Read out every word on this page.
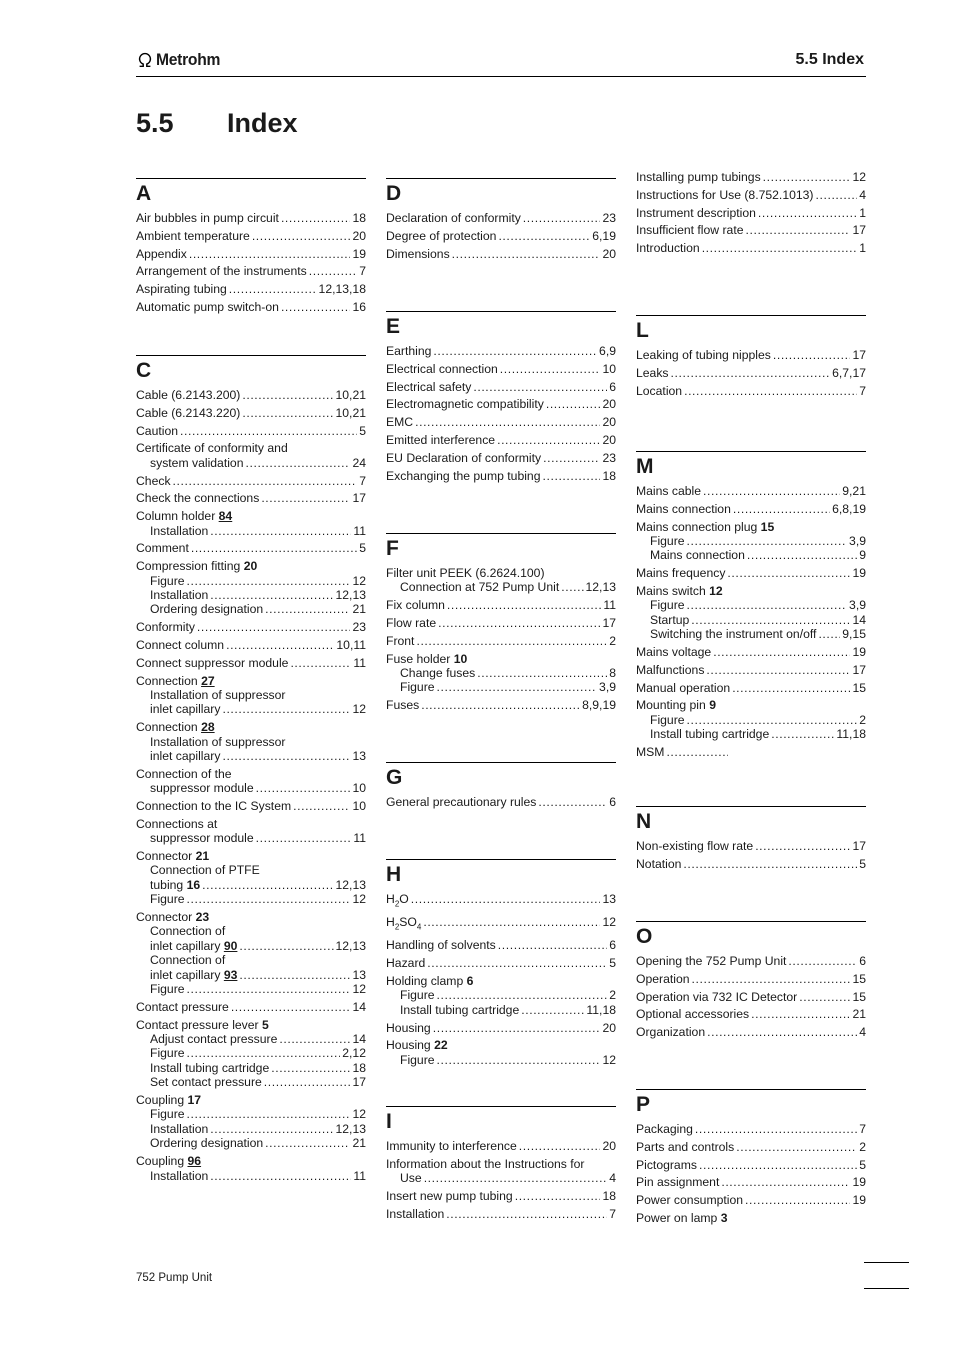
Metrohm	5.5 Index
5.5 Index
A
Air bubbles in pump circuit .....	18
Ambient temperature .....	20
Appendix .....	19
Arrangement of the instruments .....	7
Aspirating tubing .....	12,13,18
Automatic pump switch-on .....	16
C
Cable (6.2143.200) .....	10,21
Cable (6.2143.220) .....	10,21
Caution .....	5
Certificate of conformity and
system validation .....	24
Check .....	7
Check the connections .....	17
Column holder 84
Installation .....	11
Comment .....	5
Compression fitting 20
Figure .....	12
Installation .....	12,13
Ordering designation .....	21
Conformity .....	23
Connect column .....	10,11
Connect suppressor module .....	11
Connection 27
Installation of suppressor
inlet capillary .....	12
Connection 28
Installation of suppressor
inlet capillary .....	13
Connection of the
suppressor module .....	10
Connection to the IC System .....	10
Connections at
suppressor module .....	11
Connector 21
Connection of PTFE
tubing 16 .....	12,13
Figure .....	12
Connector 23
Connection of
inlet capillary 90 .....	12,13
Connection of
inlet capillary 93 .....	13
Figure .....	12
Contact pressure .....	14
Contact pressure lever 5
Adjust contact pressure .....	14
Figure .....	2,12
Install tubing cartridge .....	18
Set contact pressure .....	17
Coupling 17
Figure .....	12
Installation .....	12,13
Ordering designation .....	21
Coupling 96
Installation .....	11
D
Declaration of conformity .....	23
Degree of protection .....	6,19
Dimensions .....	20
E
Earthing .....	6,9
Electrical connection .....	10
Electrical safety .....	6
Electromagnetic compatibility .....	20
EMC .....	20
Emitted interference .....	20
EU Declaration of conformity .....	23
Exchanging the pump tubing .....	18
F
Filter unit PEEK (6.2624.100)
Connection at 752 Pump Unit ..... 12,13
Fix column .....	11
Flow rate .....	17
Front .....	2
Fuse holder 10
Change fuses .....	8
Figure .....	3,9
Fuses .....	8,9,19
G
General precautionary rules .....	6
H
$H_2O$ .....	13
$H_2SO_4$ .....	12
Handling of solvents .....	6
Hazard .....	5
Holding clamp 6
Figure .....	2
Install tubing cartridge .....	11,18
Housing .....	20
Housing 22
Figure .....	12
I
Immunity to interference .....	20
Information about the Instructions for
Use .....	4
Insert new pump tubing .....	18
Installation .....	7
Installing pump tubings .....	12
Instructions for Use (8.752.1013) .....	4
Instrument description .....	1
Insufficient flow rate .....	17
Introduction .....	1
L
Leaking of tubing nipples .....	17
Leaks .....	6,7,17
Location .....	7
M
Mains cable .....	9,21
Mains connection .....	6,8,19
Mains connection plug 15
Figure .....	3,9
Mains connection .....	9
Mains frequency .....	19
Mains switch 12
Figure .....	3,9
Startup .....	14
Switching the instrument on/off ..... 9,15
Mains voltage .....	19
Malfunctions .....	17
Manual operation .....	15
Mounting pin 9
Figure .....	2
Install tubing cartridge .....	11,18
MSM
.....
N
Non-existing flow rate .....	17
Notation .....	5
O
Opening the 752 Pump Unit .....	6
Operation .....	15
Operation via 732 IC Detector .....	15
Optional accessories .....	21
Organization .....	4
P
Packaging .....	7
Parts and controls .....	2
Pictograms .....	5
Pin assignment .....	19
Power consumption .....	19
Power on lamp 3
752 Pump Unit
